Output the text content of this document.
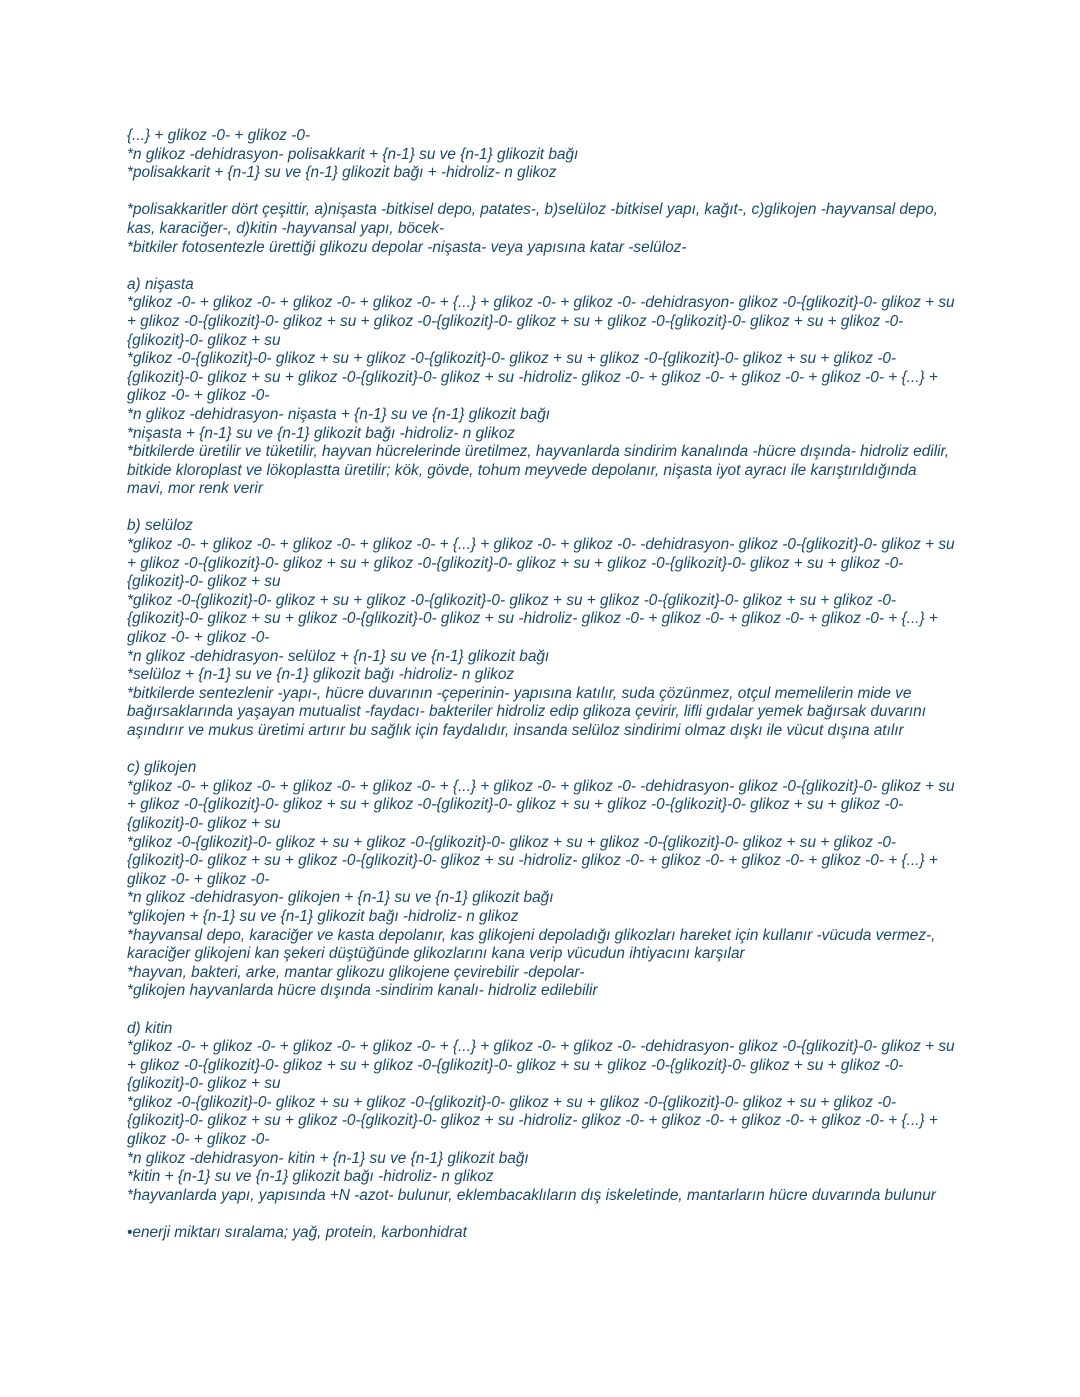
{...} + glikoz -0- + glikoz -0-

*n glikoz -dehidrasyon- polisakkarit + {n-1} su ve {n-1} glikozit bağı

*polisakkarit + {n-1} su ve {n-1} glikozit bağı + -hidroliz- n glikoz

*polisakkaritler dört çeşittir, a)nişasta -bitkisel depo, patates-, b)selüloz -bitkisel yapı, kağıt-, c)glikojen -hayvansal depo, kas, karaciğer-, d)kitin -hayvansal yapı, böcek-

*bitkiler fotosentezle ürettiği glikozu depolar -nişasta- veya yapısına katar -selüloz-

a) nişasta

*glikoz -0- + glikoz -0- + glikoz -0- + glikoz -0- + {...} + glikoz -0- + glikoz -0- -dehidrasyon- glikoz -0-{glikozit}-0- glikoz + su + glikoz -0-{glikozit}-0- glikoz + su + glikoz -0-{glikozit}-0- glikoz + su + glikoz -0-{glikozit}-0- glikoz + su + glikoz -0-{glikozit}-0- glikoz + su

*glikoz -0-{glikozit}-0- glikoz + su + glikoz -0-{glikozit}-0- glikoz + su + glikoz -0-{glikozit}-0- glikoz + su + glikoz -0-{glikozit}-0- glikoz + su + glikoz -0-{glikozit}-0- glikoz + su -hidroliz- glikoz -0- + glikoz -0- + glikoz -0- + glikoz -0- + {...} + glikoz -0- + glikoz -0-

*n glikoz -dehidrasyon- nişasta + {n-1} su ve {n-1} glikozit bağı

*nişasta + {n-1} su ve {n-1} glikozit bağı -hidroliz- n glikoz

*bitkilerde üretilir ve tüketilir, hayvan hücrelerinde üretilmez, hayvanlarda sindirim kanalında -hücre dışında- hidroliz edilir, bitkide kloroplast ve lökoplastta üretilir; kök, gövde, tohum meyvede depolanır, nişasta iyot ayracı ile karıştırıldığında mavi, mor renk verir

b) selüloz

*glikoz -0- + glikoz -0- + glikoz -0- + glikoz -0- + {...} + glikoz -0- + glikoz -0- -dehidrasyon- glikoz -0-{glikozit}-0- glikoz + su + glikoz -0-{glikozit}-0- glikoz + su + glikoz -0-{glikozit}-0- glikoz + su + glikoz -0-{glikozit}-0- glikoz + su + glikoz -0-{glikozit}-0- glikoz + su

*glikoz -0-{glikozit}-0- glikoz + su + glikoz -0-{glikozit}-0- glikoz + su + glikoz -0-{glikozit}-0- glikoz + su + glikoz -0-{glikozit}-0- glikoz + su + glikoz -0-{glikozit}-0- glikoz + su -hidroliz- glikoz -0- + glikoz -0- + glikoz -0- + glikoz -0- + {...} + glikoz -0- + glikoz -0-

*n glikoz -dehidrasyon- selüloz + {n-1} su ve {n-1} glikozit bağı

*selüloz + {n-1} su ve {n-1} glikozit bağı -hidroliz- n glikoz

*bitkilerde sentezlenir -yapı-, hücre duvarının -çeperinin- yapısına katılır, suda çözünmez, otçul memelilerin mide ve bağırsaklarında yaşayan mutualist -faydacı- bakteriler hidroliz edip glikoza çevirir, lifli gıdalar yemek bağırsak duvarını aşındırır ve mukus üretimi artırır bu sağlık için faydalıdır, insanda selüloz sindirimi olmaz dışkı ile vücut dışına atılır

c) glikojen

*glikoz -0- + glikoz -0- + glikoz -0- + glikoz -0- + {...} + glikoz -0- + glikoz -0- -dehidrasyon- glikoz -0-{glikozit}-0- glikoz + su + glikoz -0-{glikozit}-0- glikoz + su + glikoz -0-{glikozit}-0- glikoz + su + glikoz -0-{glikozit}-0- glikoz + su + glikoz -0-{glikozit}-0- glikoz + su

*glikoz -0-{glikozit}-0- glikoz + su + glikoz -0-{glikozit}-0- glikoz + su + glikoz -0-{glikozit}-0- glikoz + su + glikoz -0-{glikozit}-0- glikoz + su + glikoz -0-{glikozit}-0- glikoz + su -hidroliz- glikoz -0- + glikoz -0- + glikoz -0- + glikoz -0- + {...} + glikoz -0- + glikoz -0-

*n glikoz -dehidrasyon- glikojen + {n-1} su ve {n-1} glikozit bağı

*glikojen + {n-1} su ve {n-1} glikozit bağı -hidroliz- n glikoz

*hayvansal depo, karaciğer ve kasta depolanır, kas glikojeni depoladığı glikozları hareket için kullanır -vücuda vermez-, karaciğer glikojeni kan şekeri düştüğünde glikozlarını kana verip vücudun ihtiyacını karşılar

*hayvan, bakteri, arke, mantar glikozu glikojene çevirebilir -depolar-

*glikojen hayvanlarda hücre dışında -sindirim kanalı- hidroliz edilebilir

d) kitin

*glikoz -0- + glikoz -0- + glikoz -0- + glikoz -0- + {...} + glikoz -0- + glikoz -0- -dehidrasyon- glikoz -0-{glikozit}-0- glikoz + su + glikoz -0-{glikozit}-0- glikoz + su + glikoz -0-{glikozit}-0- glikoz + su + glikoz -0-{glikozit}-0- glikoz + su + glikoz -0-{glikozit}-0- glikoz + su

*glikoz -0-{glikozit}-0- glikoz + su + glikoz -0-{glikozit}-0- glikoz + su + glikoz -0-{glikozit}-0- glikoz + su + glikoz -0-{glikozit}-0- glikoz + su + glikoz -0-{glikozit}-0- glikoz + su -hidroliz- glikoz -0- + glikoz -0- + glikoz -0- + glikoz -0- + {...} + glikoz -0- + glikoz -0-

*n glikoz -dehidrasyon- kitin + {n-1} su ve {n-1} glikozit bağı

*kitin + {n-1} su ve {n-1} glikozit bağı -hidroliz- n glikoz

*hayvanlarda yapı, yapısında +N -azot- bulunur, eklembacaklıların dış iskeletinde, mantarların hücre duvarında bulunur

•enerji miktarı sıralama; yağ, protein, karbonhidrat
